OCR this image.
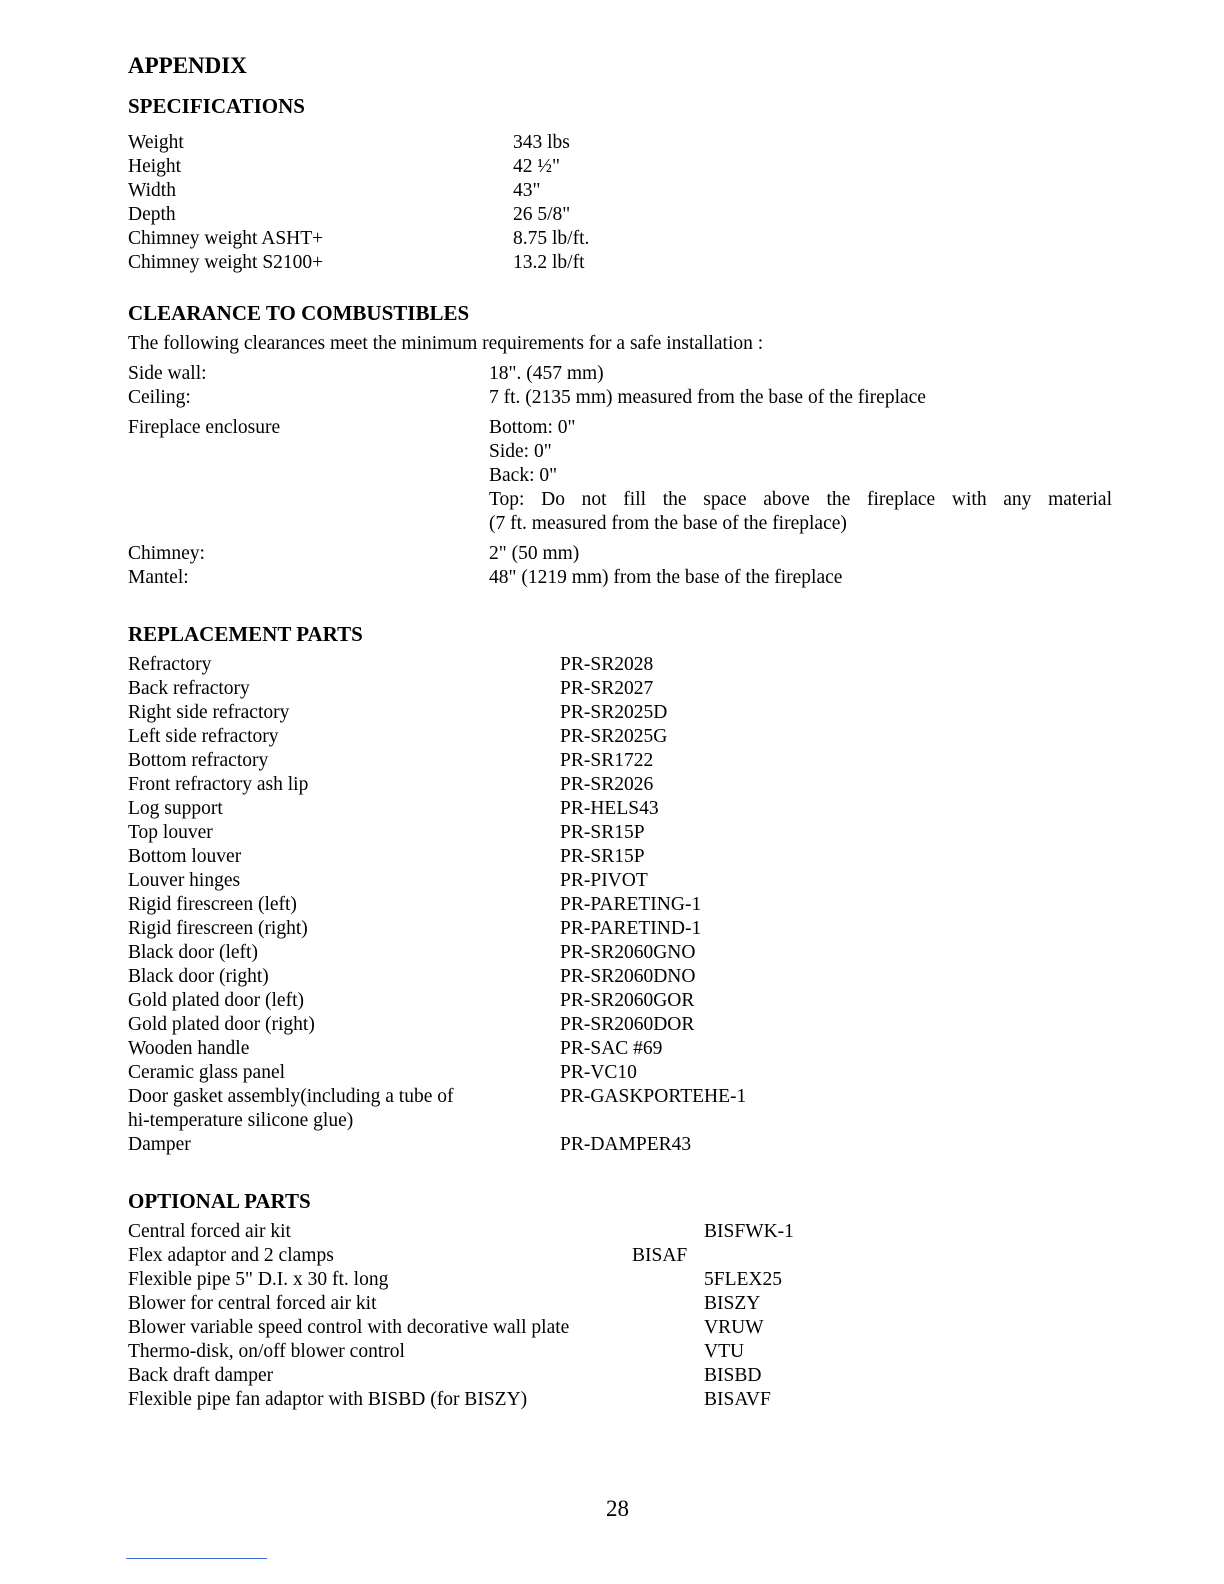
APPENDIX
SPECIFICATIONS
Weight	343 lbs
Height	42 ½"
Width	43"
Depth	26 5/8"
Chimney weight ASHT+	8.75 lb/ft.
Chimney weight S2100+	13.2 lb/ft
CLEARANCE TO COMBUSTIBLES
The following clearances meet the minimum requirements for a safe installation :
Side wall:	18". (457 mm)
Ceiling:	7 ft. (2135 mm) measured from the base of the fireplace
Fireplace enclosure	Bottom: 0"
Side: 0"
Back: 0"
Top: Do not fill the space above the fireplace with any material
(7 ft. measured from the base of the fireplace)
Chimney:	2" (50 mm)
Mantel:	48" (1219 mm) from the base of the fireplace
REPLACEMENT PARTS
Refractory	PR-SR2028
Back refractory	PR-SR2027
Right side refractory	PR-SR2025D
Left side refractory	PR-SR2025G
Bottom refractory	PR-SR1722
Front refractory ash lip	PR-SR2026
Log support	PR-HELS43
Top louver	PR-SR15P
Bottom louver	PR-SR15P
Louver hinges	PR-PIVOT
Rigid firescreen (left)	PR-PARETING-1
Rigid firescreen (right)	PR-PARETIND-1
Black door (left)	PR-SR2060GNO
Black door (right)	PR-SR2060DNO
Gold plated door (left)	PR-SR2060GOR
Gold plated door (right)	PR-SR2060DOR
Wooden handle	PR-SAC #69
Ceramic glass panel	PR-VC10
Door gasket assembly(including a tube of	PR-GASKPORTEHE-1
hi-temperature silicone glue)
Damper	PR-DAMPER43
OPTIONAL PARTS
Central forced air kit	BISFWK-1
Flex adaptor and 2 clamps	BISAF
Flexible pipe 5" D.I. x 30 ft. long	5FLEX25
Blower for central forced air kit	BISZY
Blower variable speed control with decorative wall plate	VRUW
Thermo-disk, on/off blower control	VTU
Back draft damper	BISBD
Flexible pipe fan adaptor with BISBD (for BISZY)	BISAVF
28
